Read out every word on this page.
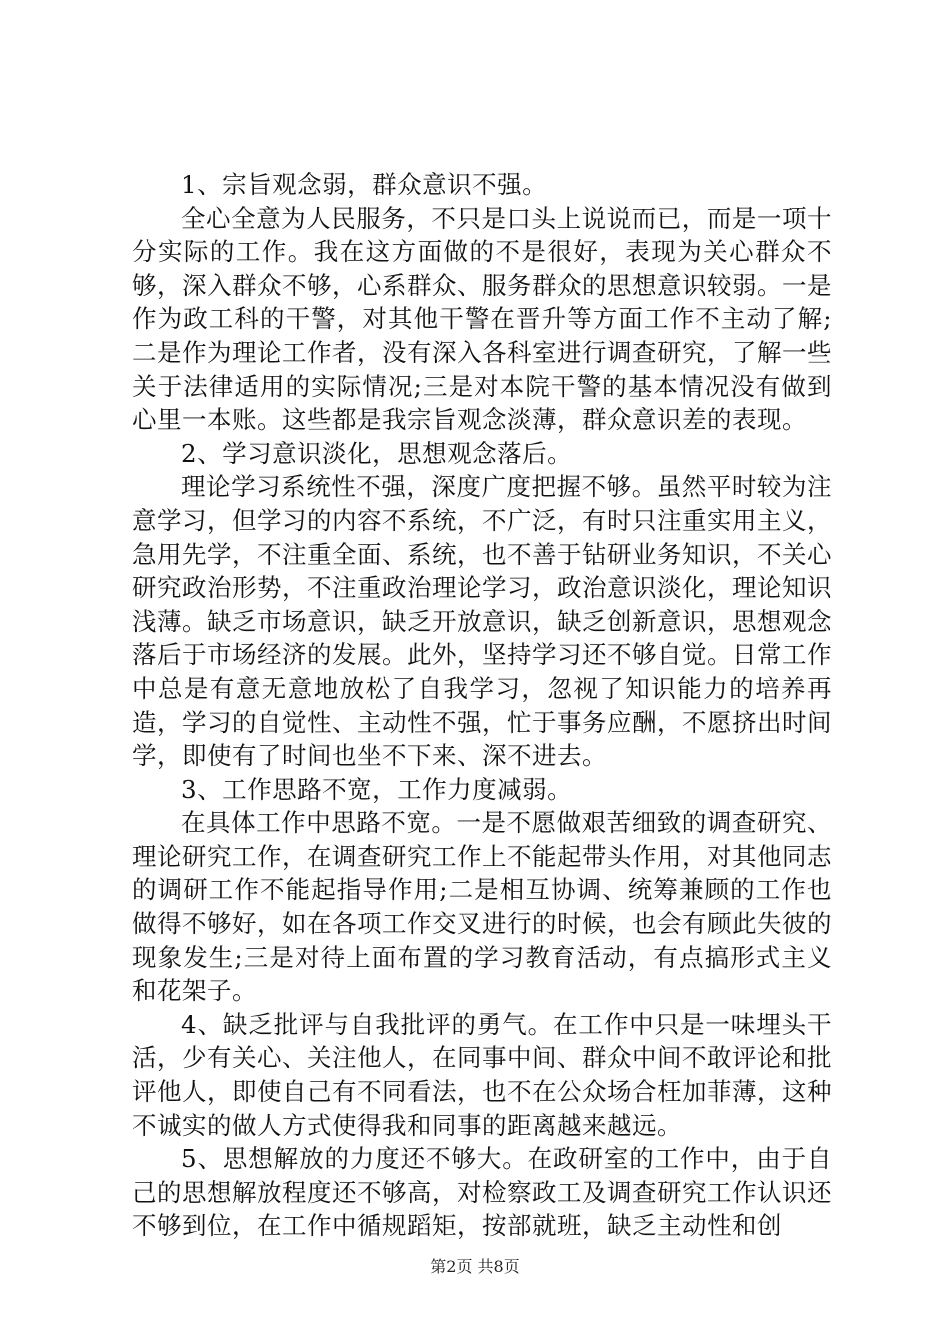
1、宗旨观念弱，群众意识不强。

全心全意为人民服务，不只是口头上说说而已，而是一项十分实际的工作。我在这方面做的不是很好，表现为关心群众不够，深入群众不够，心系群众、服务群众的思想意识较弱。一是作为政工科的干警，对其他干警在晋升等方面工作不主动了解;二是作为理论工作者，没有深入各科室进行调查研究，了解一些关于法律适用的实际情况;三是对本院干警的基本情况没有做到心里一本账。这些都是我宗旨观念淡薄，群众意识差的表现。

2、学习意识淡化，思想观念落后。

理论学习系统性不强，深度广度把握不够。虽然平时较为注意学习，但学习的内容不系统，不广泛，有时只注重实用主义，急用先学，不注重全面、系统，也不善于钻研业务知识，不关心研究政治形势，不注重政治理论学习，政治意识淡化，理论知识浅薄。缺乏市场意识，缺乏开放意识，缺乏创新意识，思想观念落后于市场经济的发展。此外，坚持学习还不够自觉。日常工作中总是有意无意地放松了自我学习，忽视了知识能力的培养再造，学习的自觉性、主动性不强，忙于事务应酬，不愿挤出时间学，即使有了时间也坐不下来、深不进去。

3、工作思路不宽，工作力度减弱。

在具体工作中思路不宽。一是不愿做艰苦细致的调查研究、理论研究工作，在调查研究工作上不能起带头作用，对其他同志的调研工作不能起指导作用;二是相互协调、统筹兼顾的工作也做得不够好，如在各项工作交叉进行的时候，也会有顾此失彼的现象发生;三是对待上面布置的学习教育活动，有点搞形式主义和花架子。

4、缺乏批评与自我批评的勇气。在工作中只是一味埋头干活，少有关心、关注他人，在同事中间、群众中间不敢评论和批评他人，即使自己有不同看法，也不在公众场合枉加菲薄，这种不诚实的做人方式使得我和同事的距离越来越远。

5、思想解放的力度还不够大。在政研室的工作中，由于自己的思想解放程度还不够高，对检察政工及调查研究工作认识还不够到位，在工作中循规蹈矩，按部就班，缺乏主动性和创

第2页 共8页
